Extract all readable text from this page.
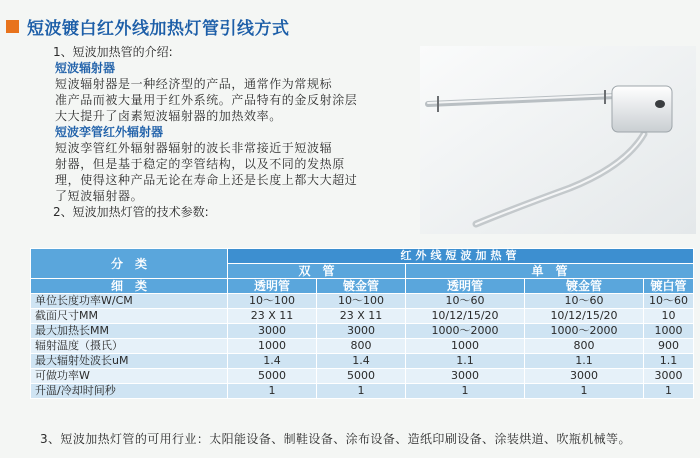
短波镀白红外线加热灯管引线方式
1、短波加热管的介绍:
短波辐射器
短波辐射器是一种经济型的产品，通常作为常规标
准产品而被大量用于红外系统。产品特有的金反射涂层
大大提升了卤素短波辐射器的加热效率。
短波孪管红外辐射器
短波孪管红外辐射器辐射的波长非常接近于短波辐
射器，但是基于稳定的孪管结构，以及不同的发热原
理，使得这种产品无论在寿命上还是长度上都大大超过
了短波辐射器。
2、短波加热灯管的技术参数:
分　类	红外线短波加热管				
	双　管		单　管		
细　类	透明管	镀金管	透明管	镀金管	镀白管
单位长度功率W/CM	10～100	10～100	10～60	10～60	10～60
截面尺寸MM	23 X 11	23 X 11	10/12/15/20	10/12/15/20	10
最大加热长MM	3000	3000	1000～2000	1000～2000	1000
辐射温度（摄氏）	1000	800	1000	800	900
最大辐射处波长uM	1.4	1.4	1.1	1.1	1.1
可做功率W	5000	5000	3000	3000	3000
升温/冷却时间秒	1	1	1	1	1
3、短波加热灯管的可用行业：太阳能设备、制鞋设备、涂布设备、造纸印刷设备、涂装烘道、吹瓶机械等。
